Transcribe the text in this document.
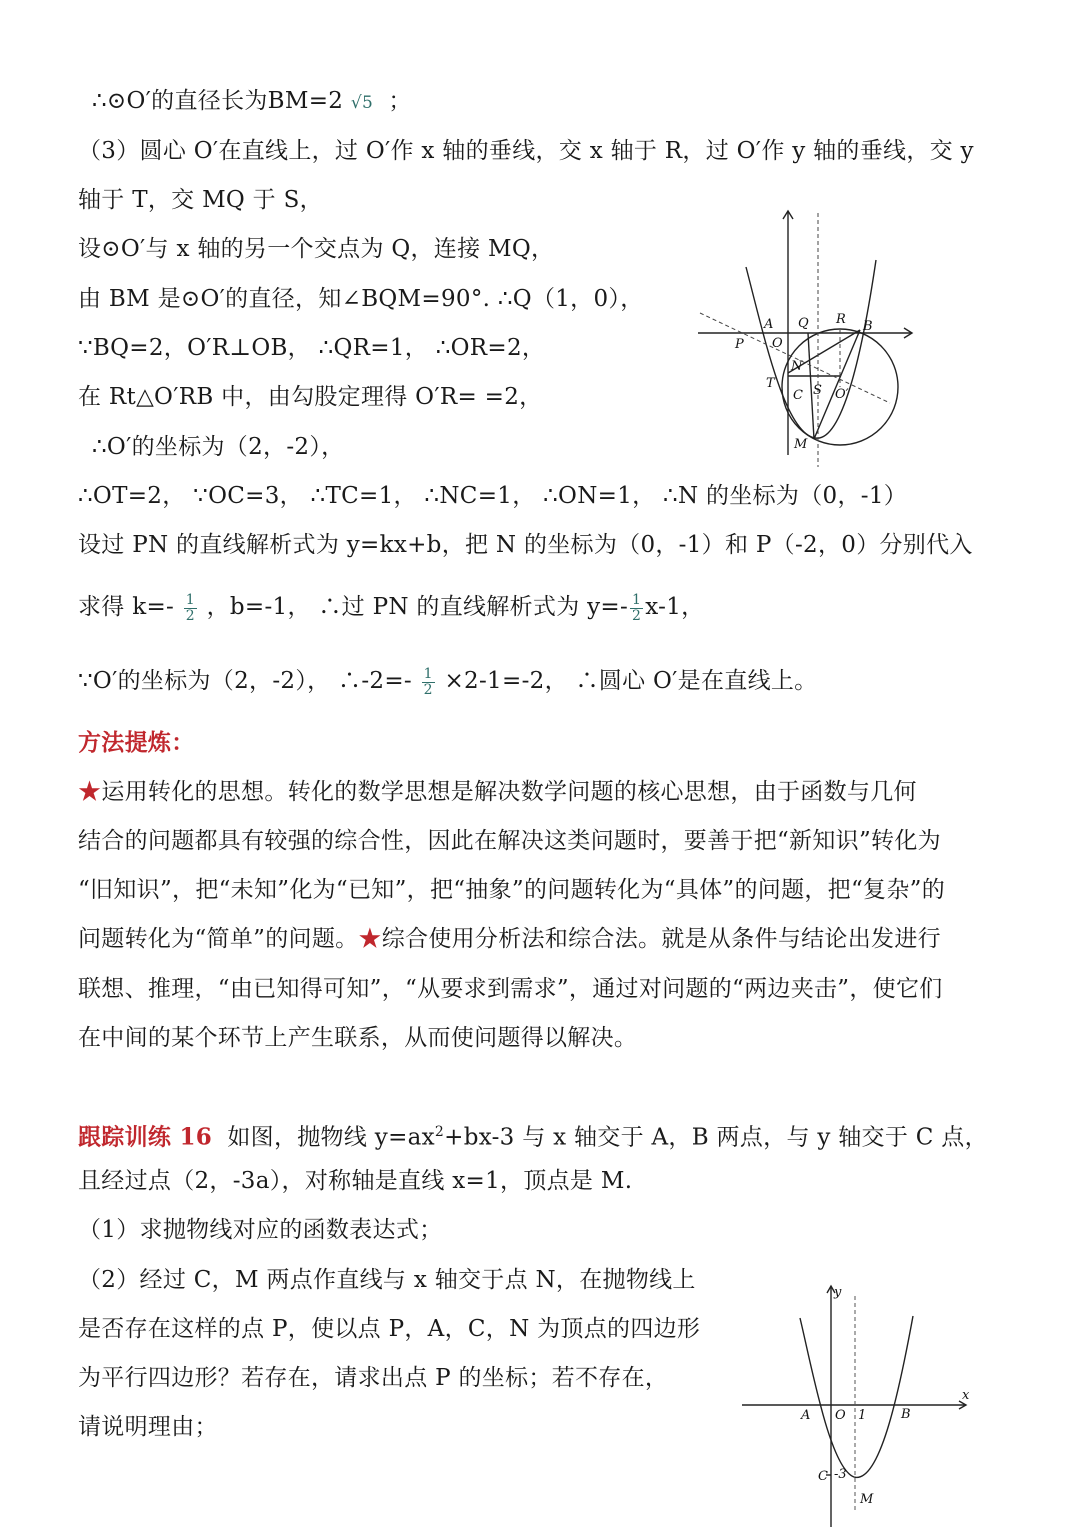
∴⊙O′的直径长为BM=2 √5 ；
（3）圆心 O′在直线上，过 O′作 x 轴的垂线，交 x 轴于 R，过 O′作 y 轴的垂线，交 y
轴于 T，交 MQ 于 S，
设⊙O′与 x 轴的另一个交点为 Q，连接 MQ，
由 BM 是⊙O′的直径，知∠BQM=90°. ∴Q（1，0），
∵BQ=2，O′R⊥OB， ∴QR=1， ∴OR=2，
在 Rt△O′RB 中，由勾股定理得 O′R= =2，
∴O′的坐标为（2，-2），
∴OT=2， ∵OC=3， ∴TC=1， ∴NC=1， ∴ON=1， ∴N 的坐标为（0，-1）
设过 PN 的直线解析式为 y=kx+b，把 N 的坐标为（0，-1）和 P（-2，0）分别代入
求得 $k=- \frac{1}{2}$ ，b=-1， ∴过 PN 的直线解析式为 $y=- \frac{1}{2} x-1$，
∵O′的坐标为（2，-2）， ∴-2=- $\frac{1}{2} \times 2-1=-2$， ∴圆心 O′是在直线上。
方法提炼：
★运用转化的思想。转化的数学思想是解决数学问题的核心思想，由于函数与几何
结合的问题都具有较强的综合性，因此在解决这类问题时，要善于把“新知识”转化为
“旧知识”，把“未知”化为“已知”，把“抽象”的问题转化为“具体”的问题，把“复杂”的
问题转化为“简单”的问题。★综合使用分析法和综合法。就是从条件与结论出发进行
联想、推理，“由已知得可知”，“从要求到需求”，通过对问题的“两边夹击”，使它们
在中间的某个环节上产生联系，从而使问题得以解决。
跟踪训练 16 如图，抛物线 $y=ax^2+bx-3$ 与 x 轴交于 A，B 两点，与 y 轴交于 C 点，
且经过点（2，-3a），对称轴是直线 x=1，顶点是 M.
（1）求抛物线对应的函数表达式；
（2）经过 C，M 两点作直线与 x 轴交于点 N，在抛物线上
是否存在这样的点 P，使以点 P，A，C，N 为顶点的四边形
为平行四边形？若存在，请求出点 P 的坐标；若不存在，
请说明理由；
A Q R B
P O
N
T
C S O′
M
y
x
A O 1	B
C -3
M
